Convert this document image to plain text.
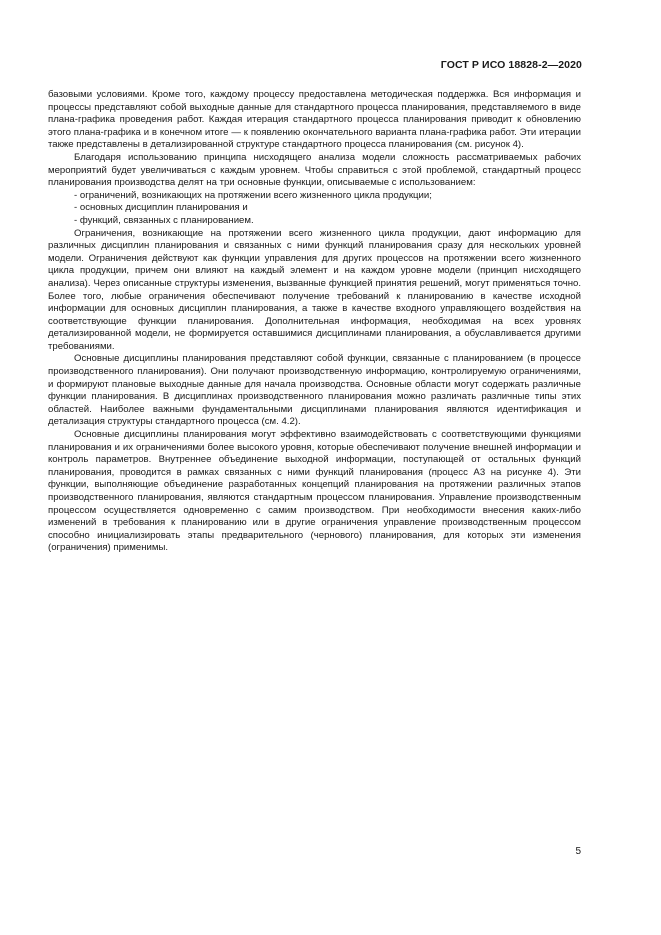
ГОСТ Р ИСО 18828-2—2020

базовыми условиями. Кроме того, каждому процессу предоставлена методическая поддержка. Вся информация и процессы представляют собой выходные данные для стандартного процесса планирования, представляемого в виде плана-графика проведения работ. Каждая итерация стандартного процесса планирования приводит к обновлению этого плана-графика и в конечном итоге — к появлению окончательного варианта плана-графика работ. Эти итерации также представлены в детализированной структуре стандартного процесса планирования (см. рисунок 4).

Благодаря использованию принципа нисходящего анализа модели сложность рассматриваемых рабочих мероприятий будет увеличиваться с каждым уровнем. Чтобы справиться с этой проблемой, стандартный процесс планирования производства делят на три основные функции, описываемые с использованием:

- ограничений, возникающих на протяжении всего жизненного цикла продукции;

- основных дисциплин планирования и

- функций, связанных с планированием.

Ограничения, возникающие на протяжении всего жизненного цикла продукции, дают информацию для различных дисциплин планирования и связанных с ними функций планирования сразу для нескольких уровней модели. Ограничения действуют как функции управления для других процессов на протяжении всего жизненного цикла продукции, причем они влияют на каждый элемент и на каждом уровне модели (принцип нисходящего анализа). Через описанные структуры изменения, вызванные функцией принятия решений, могут применяться точно. Более того, любые ограничения обеспечивают получение требований к планированию в качестве исходной информации для основных дисциплин планирования, а также в качестве входного управляющего воздействия на соответствующие функции планирования. Дополнительная информация, необходимая на всех уровнях детализированной модели, не формируется оставшимися дисциплинами планирования, а обуславливается другими требованиями.

Основные дисциплины планирования представляют собой функции, связанные с планированием (в процессе производственного планирования). Они получают производственную информацию, контролируемую ограничениями, и формируют плановые выходные данные для начала производства. Основные области могут содержать различные функции планирования. В дисциплинах производственного планирования можно различать различные типы этих областей. Наиболее важными фундаментальными дисциплинами планирования являются идентификация и детализация структуры стандартного процесса (см. 4.2).

Основные дисциплины планирования могут эффективно взаимодействовать с соответствующими функциями планирования и их ограничениями более высокого уровня, которые обеспечивают получение внешней информации и контроль параметров. Внутреннее объединение выходной информации, поступающей от остальных функций планирования, проводится в рамках связанных с ними функций планирования (процесс А3 на рисунке 4). Эти функции, выполняющие объединение разработанных концепций планирования на протяжении различных этапов производственного планирования, являются стандартным процессом планирования. Управление производственным процессом осуществляется одновременно с самим производством. При необходимости внесения каких-либо изменений в требования к планированию или в другие ограничения управление производственным процессом способно инициализировать этапы предварительного (чернового) планирования, для которых эти изменения (ограничения) применимы.

5
